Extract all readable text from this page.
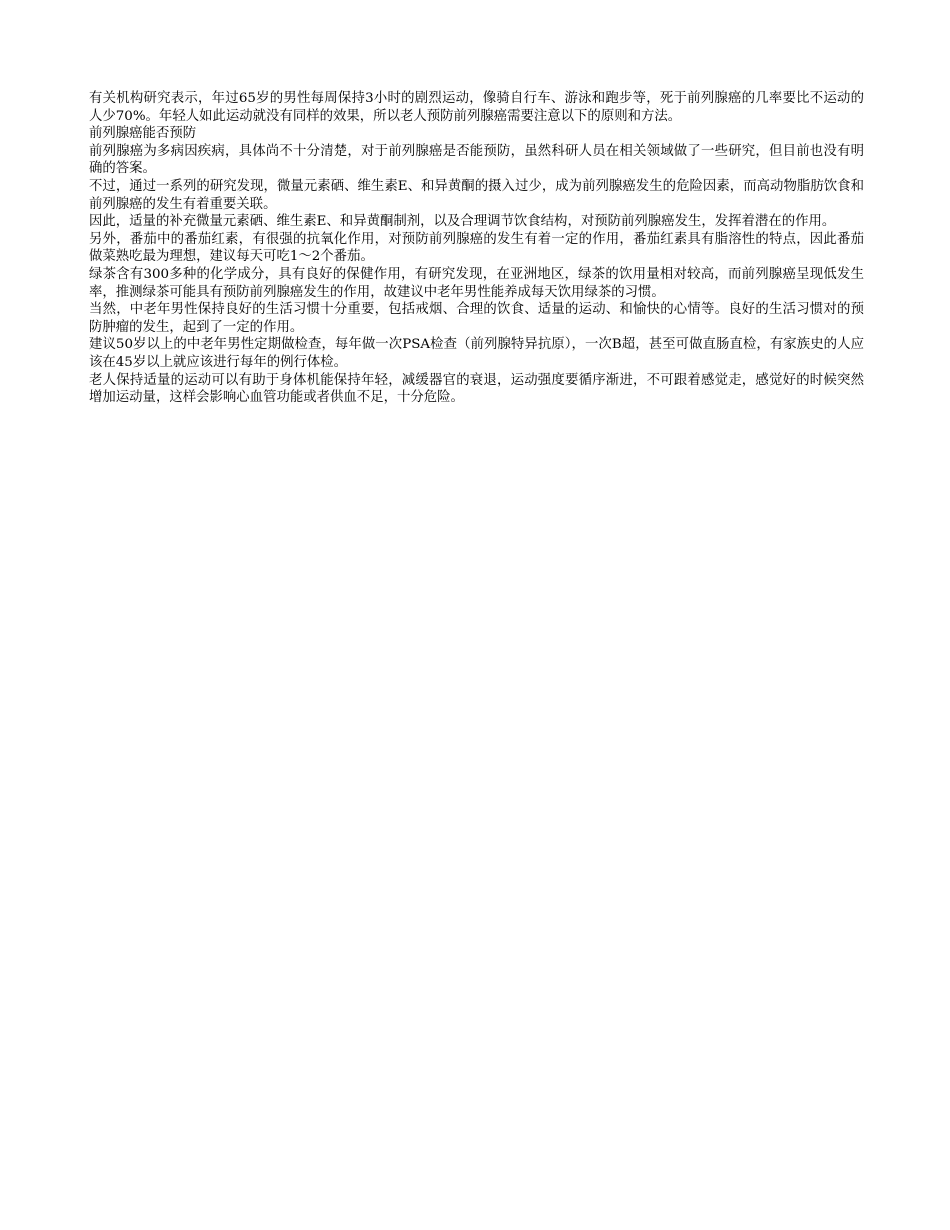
有关机构研究表示，年过65岁的男性每周保持3小时的剧烈运动，像骑自行车、游泳和跑步等，死于前列腺癌的几率要比不运动的人少70%。年轻人如此运动就没有同样的效果，所以老人预防前列腺癌需要注意以下的原则和方法。

前列腺癌能否预防

前列腺癌为多病因疾病，具体尚不十分清楚，对于前列腺癌是否能预防，虽然科研人员在相关领域做了一些研究，但目前也没有明确的答案。

不过，通过一系列的研究发现，微量元素硒、维生素E、和异黄酮的摄入过少，成为前列腺癌发生的危险因素，而高动物脂肪饮食和前列腺癌的发生有着重要关联。

因此，适量的补充微量元素硒、维生素E、和异黄酮制剂，以及合理调节饮食结构，对预防前列腺癌发生，发挥着潜在的作用。

另外，番茄中的番茄红素，有很强的抗氧化作用，对预防前列腺癌的发生有着一定的作用，番茄红素具有脂溶性的特点，因此番茄做菜熟吃最为理想，建议每天可吃1～2个番茄。

绿茶含有300多种的化学成分，具有良好的保健作用，有研究发现，在亚洲地区，绿茶的饮用量相对较高，而前列腺癌呈现低发生率，推测绿茶可能具有预防前列腺癌发生的作用，故建议中老年男性能养成每天饮用绿茶的习惯。

当然，中老年男性保持良好的生活习惯十分重要，包括戒烟、合理的饮食、适量的运动、和愉快的心情等。良好的生活习惯对的预防肿瘤的发生，起到了一定的作用。

建议50岁以上的中老年男性定期做检查，每年做一次PSA检查（前列腺特异抗原），一次B超，甚至可做直肠直检，有家族史的人应该在45岁以上就应该进行每年的例行体检。

老人保持适量的运动可以有助于身体机能保持年轻，减缓器官的衰退，运动强度要循序渐进，不可跟着感觉走，感觉好的时候突然增加运动量，这样会影响心血管功能或者供血不足，十分危险。
